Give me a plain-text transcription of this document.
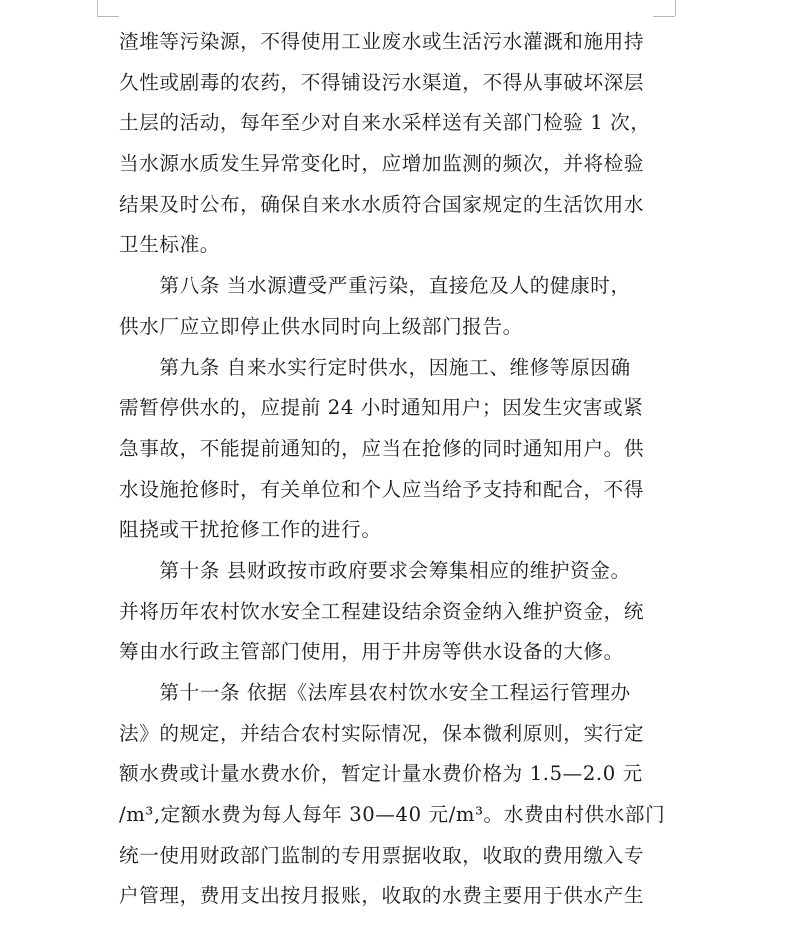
渣堆等污染源，不得使用工业废水或生活污水灌溉和施用持
久性或剧毒的农药，不得铺设污水渠道，不得从事破坏深层
土层的活动，每年至少对自来水采样送有关部门检验 1 次，
当水源水质发生异常变化时，应增加监测的频次，并将检验
结果及时公布，确保自来水水质符合国家规定的生活饮用水
卫生标准。
　　第八条 当水源遭受严重污染，直接危及人的健康时，
供水厂应立即停止供水同时向上级部门报告。
　　第九条 自来水实行定时供水，因施工、维修等原因确
需暂停供水的，应提前 24 小时通知用户；因发生灾害或紧
急事故，不能提前通知的，应当在抢修的同时通知用户。供
水设施抢修时，有关单位和个人应当给予支持和配合，不得
阻挠或干扰抢修工作的进行。
　　第十条 县财政按市政府要求会筹集相应的维护资金。
并将历年农村饮水安全工程建设结余资金纳入维护资金，统
筹由水行政主管部门使用，用于井房等供水设备的大修。
　　第十一条 依据《法库县农村饮水安全工程运行管理办
法》的规定，并结合农村实际情况，保本微利原则，实行定
额水费或计量水费水价，暂定计量水费价格为 1.5—2.0 元
/m³,定额水费为每人每年 30—40 元/m³。水费由村供水部门
统一使用财政部门监制的专用票据收取，收取的费用缴入专
户管理，费用支出按月报账，收取的水费主要用于供水产生
